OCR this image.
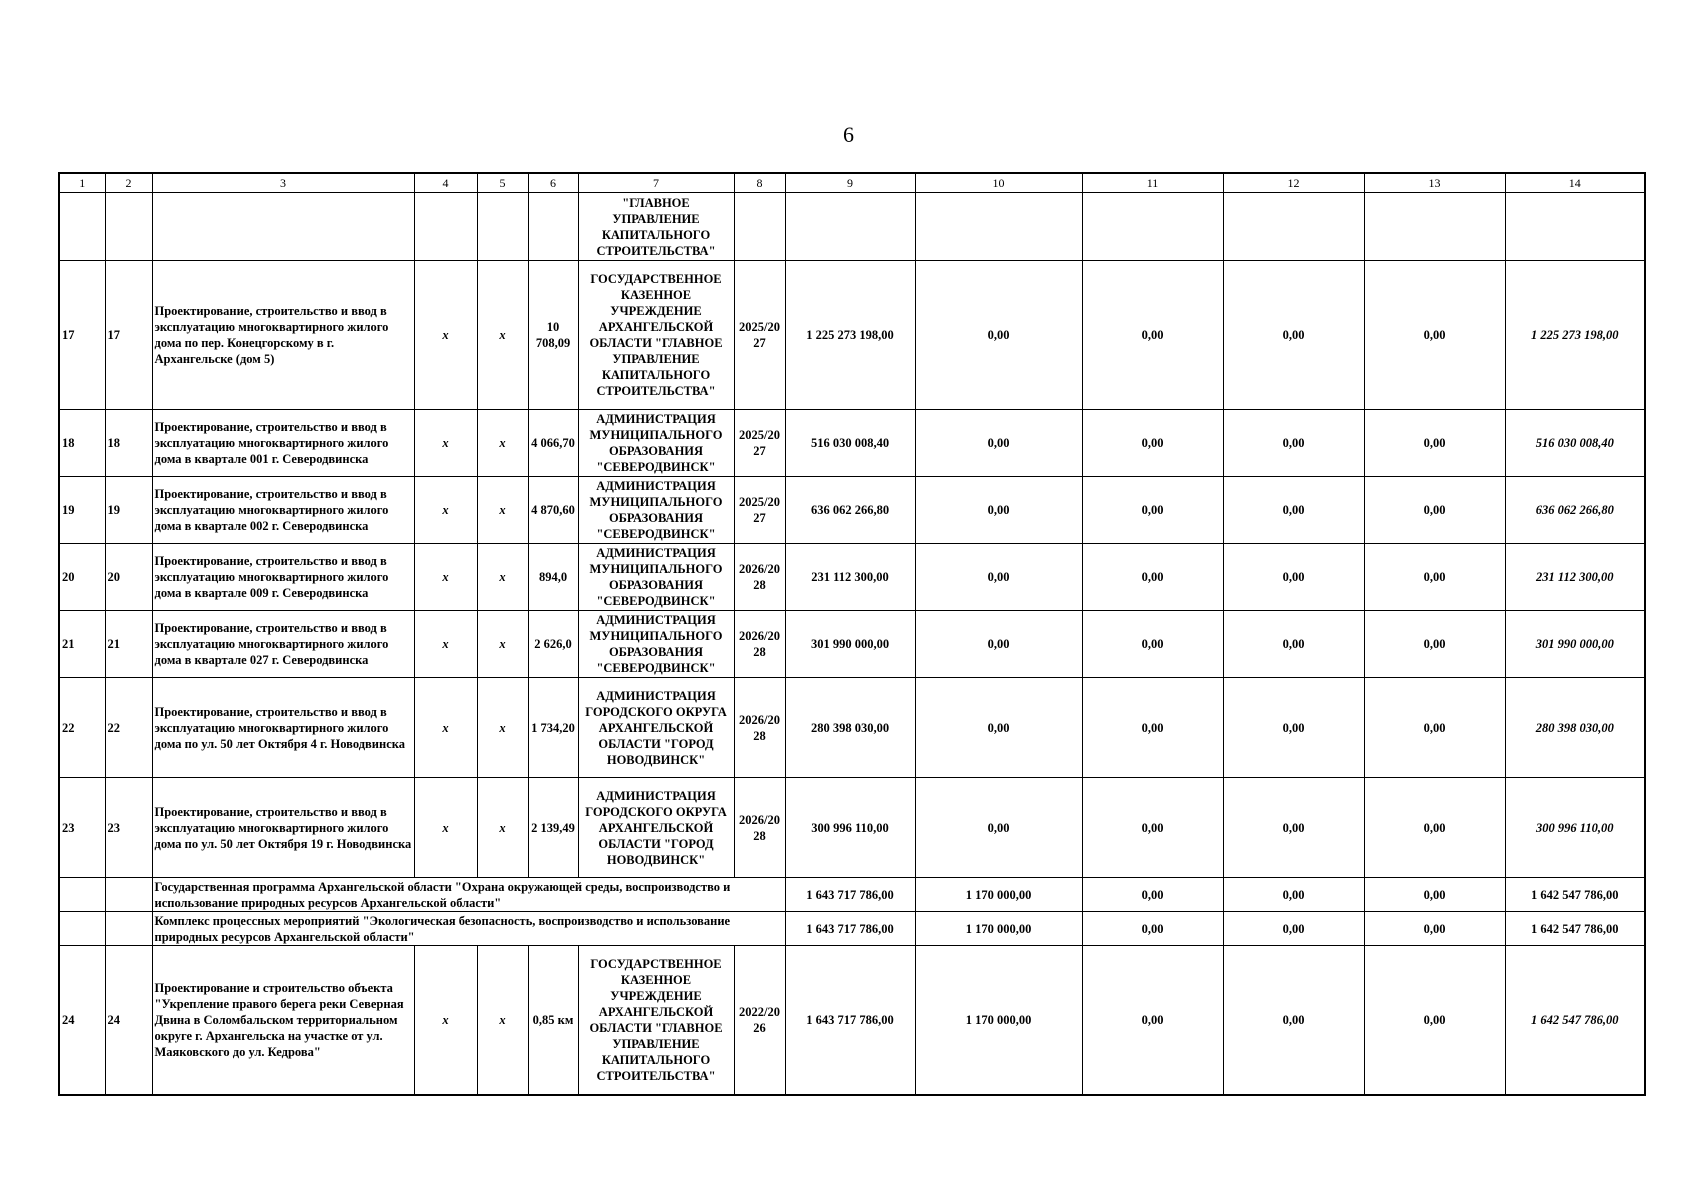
6
1	2	3	4	5	6	7	8	9	10	11	12	13	14
						"ГЛАВНОЕ УПРАВЛЕНИЕ КАПИТАЛЬНОГО СТРОИТЕЛЬСТВА"							
17	17	Проектирование, строительство и ввод в эксплуатацию многоквартирного жилого дома по пер. Конецгорскому в г. Архангельске (дом 5)	x	x	10 708,09	ГОСУДАРСТВЕННОЕ КАЗЕННОЕ УЧРЕЖДЕНИЕ АРХАНГЕЛЬСКОЙ ОБЛАСТИ "ГЛАВНОЕ УПРАВЛЕНИЕ КАПИТАЛЬНОГО СТРОИТЕЛЬСТВА"	2025/20 27	1 225 273 198,00	0,00	0,00	0,00	0,00	1 225 273 198,00
18	18	Проектирование, строительство и ввод в эксплуатацию многоквартирного жилого дома в квартале 001 г. Северодвинска	x	x	4 066,70	АДМИНИСТРАЦИЯ МУНИЦИПАЛЬНОГО ОБРАЗОВАНИЯ "СЕВЕРОДВИНСК"	2025/20 27	516 030 008,40	0,00	0,00	0,00	0,00	516 030 008,40
19	19	Проектирование, строительство и ввод в эксплуатацию многоквартирного жилого дома в квартале 002 г. Северодвинска	x	x	4 870,60	АДМИНИСТРАЦИЯ МУНИЦИПАЛЬНОГО ОБРАЗОВАНИЯ "СЕВЕРОДВИНСК"	2025/20 27	636 062 266,80	0,00	0,00	0,00	0,00	636 062 266,80
20	20	Проектирование, строительство и ввод в эксплуатацию многоквартирного жилого дома в квартале 009 г. Северодвинска	x	x	894,0	АДМИНИСТРАЦИЯ МУНИЦИПАЛЬНОГО ОБРАЗОВАНИЯ "СЕВЕРОДВИНСК"	2026/20 28	231 112 300,00	0,00	0,00	0,00	0,00	231 112 300,00
21	21	Проектирование, строительство и ввод в эксплуатацию многоквартирного жилого дома в квартале 027 г. Северодвинска	x	x	2 626,0	АДМИНИСТРАЦИЯ МУНИЦИПАЛЬНОГО ОБРАЗОВАНИЯ "СЕВЕРОДВИНСК"	2026/20 28	301 990 000,00	0,00	0,00	0,00	0,00	301 990 000,00
22	22	Проектирование, строительство и ввод в эксплуатацию многоквартирного жилого дома по ул. 50 лет Октября 4 г. Новодвинска	x	x	1 734,20	АДМИНИСТРАЦИЯ ГОРОДСКОГО ОКРУГА АРХАНГЕЛЬСКОЙ ОБЛАСТИ "ГОРОД НОВОДВИНСК"	2026/20 28	280 398 030,00	0,00	0,00	0,00	0,00	280 398 030,00
23	23	Проектирование, строительство и ввод в эксплуатацию многоквартирного жилого дома по ул. 50 лет Октября 19 г. Новодвинска	x	x	2 139,49	АДМИНИСТРАЦИЯ ГОРОДСКОГО ОКРУГА АРХАНГЕЛЬСКОЙ ОБЛАСТИ "ГОРОД НОВОДВИНСК"	2026/20 28	300 996 110,00	0,00	0,00	0,00	0,00	300 996 110,00
		Государственная программа Архангельской области "Охрана окружающей среды, воспроизводство и использование природных ресурсов Архангельской области"						1 643 717 786,00	1 170 000,00	0,00	0,00	0,00	1 642 547 786,00
		Комплекс процессных мероприятий "Экологическая безопасность, воспроизводство и использование природных ресурсов Архангельской области"						1 643 717 786,00	1 170 000,00	0,00	0,00	0,00	1 642 547 786,00
24	24	Проектирование и строительство объекта "Укрепление правого берега реки Северная Двина в Соломбальском территориальном округе г. Архангельска на участке от ул. Маяковского до ул. Кедрова"	x	x	0,85 км	ГОСУДАРСТВЕННОЕ КАЗЕННОЕ УЧРЕЖДЕНИЕ АРХАНГЕЛЬСКОЙ ОБЛАСТИ "ГЛАВНОЕ УПРАВЛЕНИЕ КАПИТАЛЬНОГО СТРОИТЕЛЬСТВА"	2022/20 26	1 643 717 786,00	1 170 000,00	0,00	0,00	0,00	1 642 547 786,00
